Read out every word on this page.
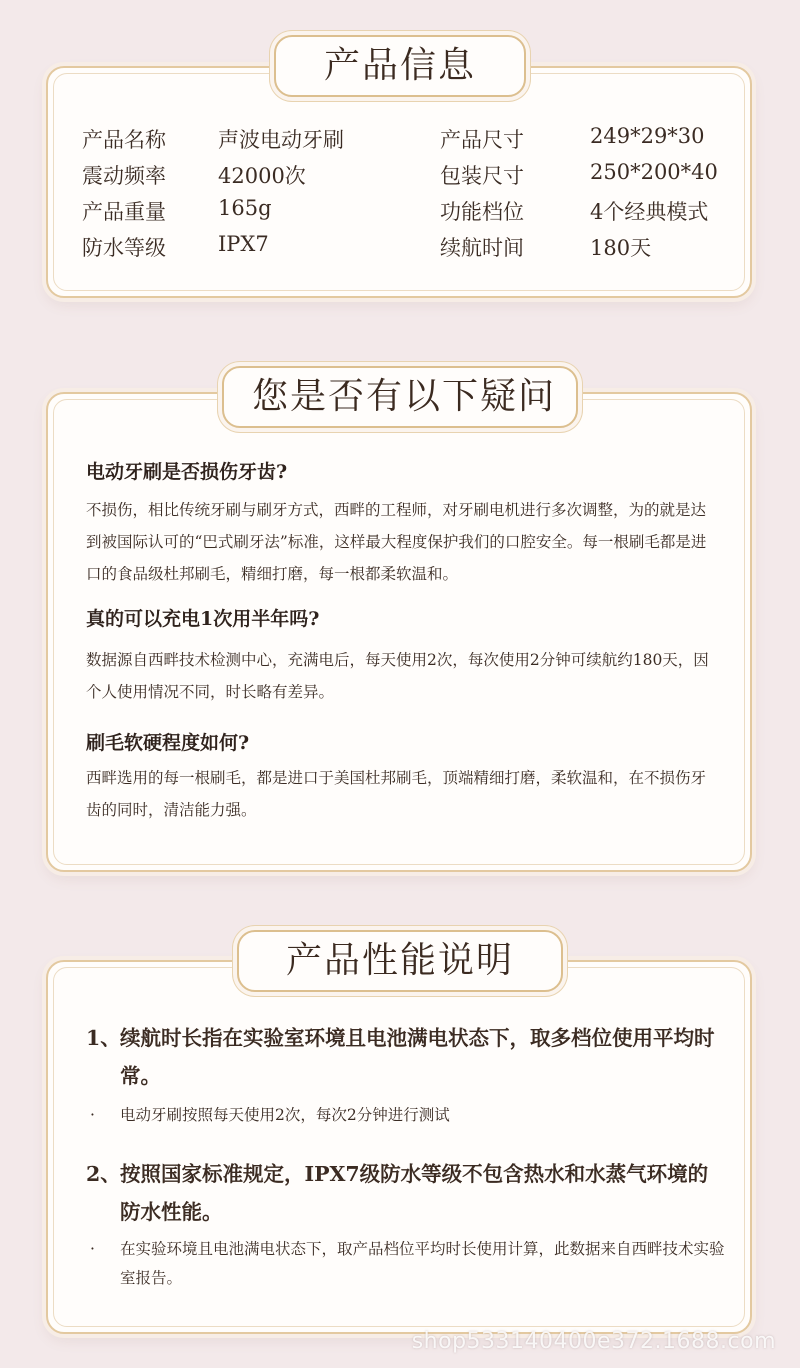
产品名称 声波电动牙刷	产品尺寸	249*29*30
震动频率 42000次	包装尺寸	250*200*40
产品重量 165g	功能档位	4个经典模式
防水等级 IPX7	续航时间	180天
产品信息
您是否有以下疑问
电动牙刷是否损伤牙齿?
不损伤，相比传统牙刷与刷牙方式，西畔的工程师，对牙刷电机进行多次调整，为的就是达到被国际认可的“巴式刷牙法”标准，这样最大程度保护我们的口腔安全。每一根刷毛都是进口的食品级杜邦刷毛，精细打磨，每一根都柔软温和。
真的可以充电1次用半年吗?
数据源自西畔技术检测中心，充满电后，每天使用2次，每次使用2分钟可续航约180天，因个人使用情况不同，时长略有差异。
刷毛软硬程度如何?
西畔选用的每一根刷毛，都是进口于美国杜邦刷毛，顶端精细打磨，柔软温和，在不损伤牙齿的同时，清洁能力强。
产品性能说明
1、 续航时长指在实验室环境且电池满电状态下，取多档位使用平均时常。
·	电动牙刷按照每天使用2次，每次2分钟进行测试
2、 按照国家标准规定，IPX7级防水等级不包含热水和水蒸气环境的防水性能。
·	在实验环境且电池满电状态下，取产品档位平均时长使用计算，此数据来自西畔技术实验室报告。
shop533140400e372.1688.com
